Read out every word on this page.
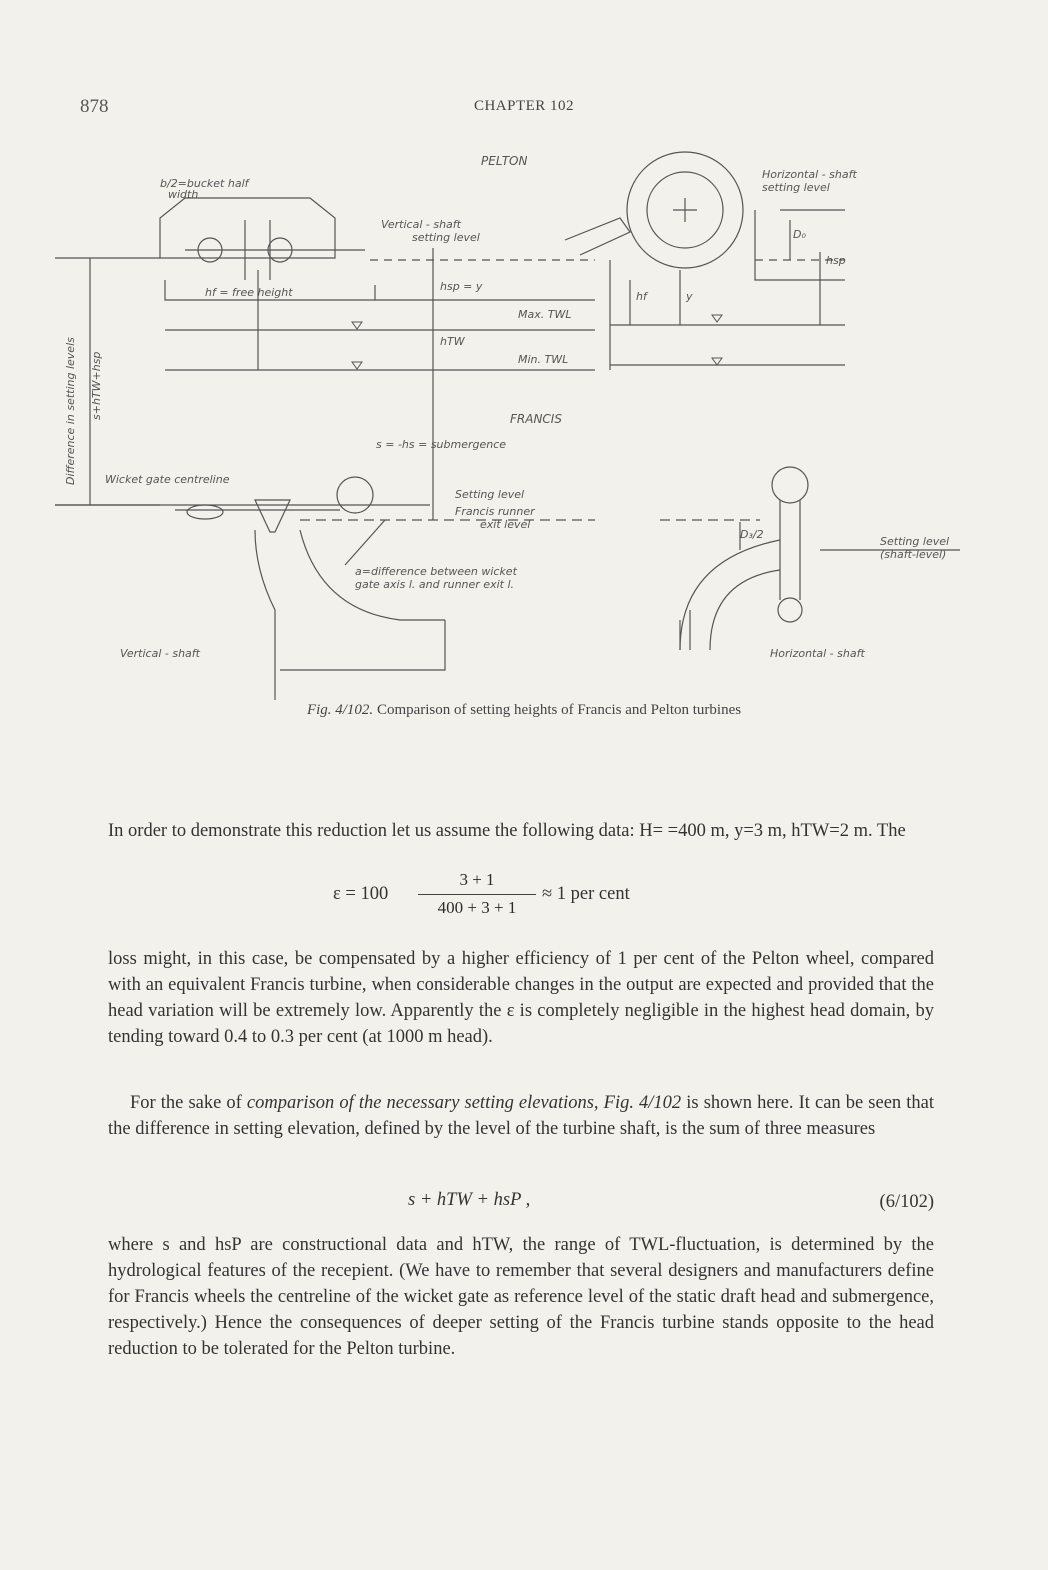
878	CHAPTER 102
PELTON
b/2=bucket half
width
Vertical - shaft
setting level
Horizontal - shaft
setting level
D₀
hsp
hf = free height	hsp = y
Max. TWL
hTW
Min. TWL
hf	y
Difference in setting levels s+hTW+hsp	FRANCIS
s = -hs = submergence
Wicket gate centreline
Setting level
Francis runner
exit level
D₃/2
Setting level
(shaft-level)
a=difference between wicket
gate axis l. and runner exit l.
Vertical - shaft	Horizontal - shaft
Fig. 4/102. Comparison of setting heights of Francis and Pelton turbines
In order to demonstrate this reduction let us assume the following data: H= =400 m, y=3 m, hTW=2 m. The
ε = 100
3 + 1
400 + 3 + 1
≈ 1 per cent
loss might, in this case, be compensated by a higher efficiency of 1 per cent of the Pelton wheel, compared with an equivalent Francis turbine, when considerable changes in the output are expected and provided that the head variation will be extremely low. Apparently the ε is completely negligible in the highest head domain, by tending toward 0.4 to 0.3 per cent (at 1000 m head).
For the sake of comparison of the necessary setting elevations, Fig. 4/102 is shown here. It can be seen that the difference in setting elevation, defined by the level of the turbine shaft, is the sum of three measures
s + hTW + hsP ,	(6/102)
where s and hsP are constructional data and hTW, the range of TWL-fluctuation, is determined by the hydrological features of the recepient. (We have to remember that several designers and manufacturers define for Francis wheels the centreline of the wicket gate as reference level of the static draft head and submergence, respectively.) Hence the consequences of deeper setting of the Francis turbine stands opposite to the head reduction to be tolerated for the Pelton turbine.
